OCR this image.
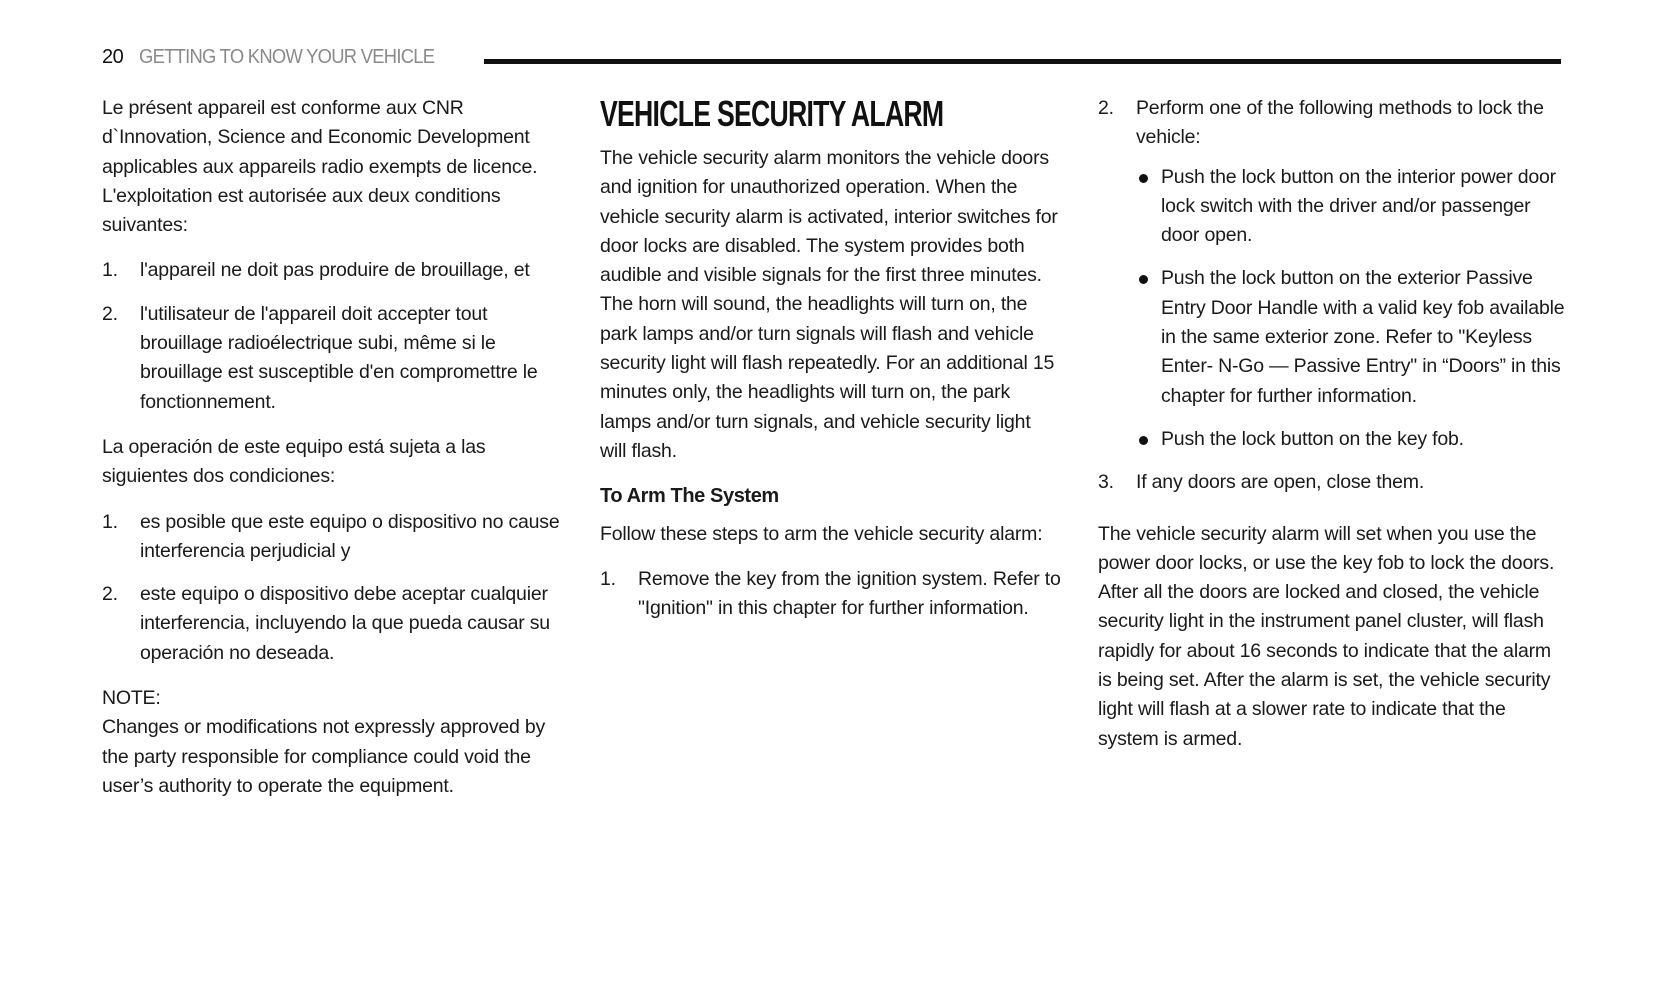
20 GETTING TO KNOW YOUR VEHICLE

Le présent appareil est conforme aux CNR d`Innovation, Science and Economic Development applicables aux appareils radio exempts de licence. L'exploitation est autorisée aux deux conditions suivantes:

1. l'appareil ne doit pas produire de brouillage, et
2. l'utilisateur de l'appareil doit accepter tout brouillage radioélectrique subi, même si le brouillage est susceptible d'en compromettre le fonctionnement.

La operación de este equipo está sujeta a las siguientes dos condiciones:

1. es posible que este equipo o dispositivo no cause interferencia perjudicial y
2. este equipo o dispositivo debe aceptar cualquier interferencia, incluyendo la que pueda causar su operación no deseada.
NOTE:
Changes or modifications not expressly approved by the party responsible for compliance could void the user’s authority to operate the equipment.
VEHICLE SECURITY ALARM

The vehicle security alarm monitors the vehicle doors and ignition for unauthorized operation. When the vehicle security alarm is activated, interior switches for door locks are disabled. The system provides both audible and visible signals for the first three minutes. The horn will sound, the headlights will turn on, the park lamps and/or turn signals will flash and vehicle security light will flash repeatedly. For an additional 15 minutes only, the headlights will turn on, the park lamps and/or turn signals, and vehicle security light will flash.

To Arm The System

Follow these steps to arm the vehicle security alarm:

1. Remove the key from the ignition system. Refer to "Ignition" in this chapter for further information.
2. Perform one of the following methods to lock the vehicle:
Push the lock button on the interior power door lock switch with the driver and/or passenger door open.
Push the lock button on the exterior Passive Entry Door Handle with a valid key fob available in the same exterior zone. Refer to "Keyless Enter- N-Go — Passive Entry" in “Doors” in this chapter for further information.
Push the lock button on the key fob.
3. If any doors are open, close them.

The vehicle security alarm will set when you use the power door locks, or use the key fob to lock the doors. After all the doors are locked and closed, the vehicle security light in the instrument panel cluster, will flash rapidly for about 16 seconds to indicate that the alarm is being set. After the alarm is set, the vehicle security light will flash at a slower rate to indicate that the system is armed.
